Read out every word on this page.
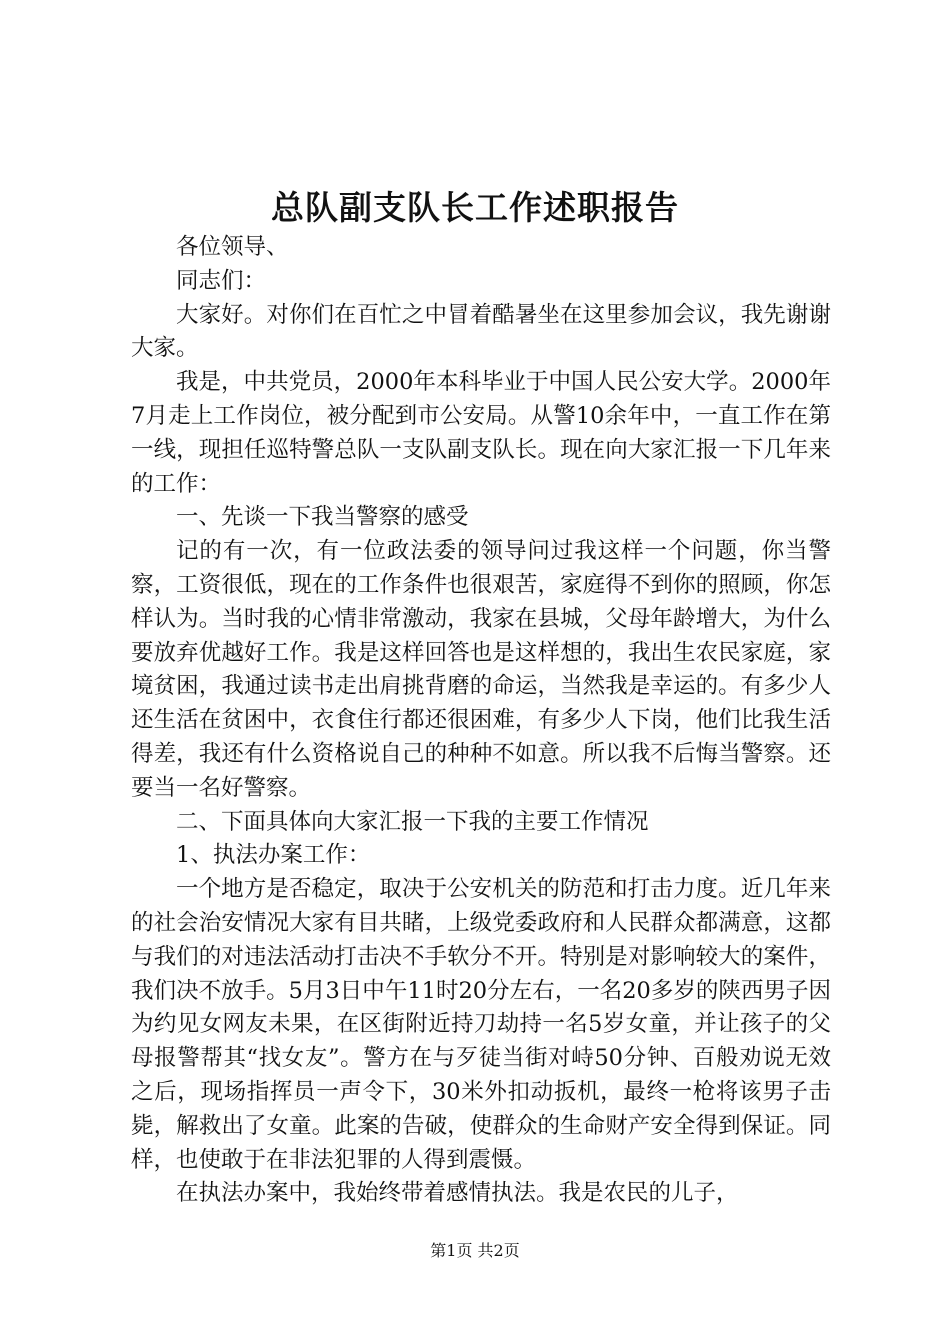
总队副支队长工作述职报告

各位领导、

同志们：

大家好。对你们在百忙之中冒着酷暑坐在这里参加会议，我先谢谢大家。

我是，中共党员，2000年本科毕业于中国人民公安大学。2000年7月走上工作岗位，被分配到市公安局。从警10余年中，一直工作在第一线，现担任巡特警总队一支队副支队长。现在向大家汇报一下几年来的工作：

一、先谈一下我当警察的感受

记的有一次，有一位政法委的领导问过我这样一个问题，你当警察，工资很低，现在的工作条件也很艰苦，家庭得不到你的照顾，你怎样认为。当时我的心情非常激动，我家在县城，父母年龄增大，为什么要放弃优越好工作。我是这样回答也是这样想的，我出生农民家庭，家境贫困，我通过读书走出肩挑背磨的命运，当然我是幸运的。有多少人还生活在贫困中，衣食住行都还很困难，有多少人下岗，他们比我生活得差，我还有什么资格说自己的种种不如意。所以我不后悔当警察。还要当一名好警察。

二、下面具体向大家汇报一下我的主要工作情况

1、执法办案工作：

一个地方是否稳定，取决于公安机关的防范和打击力度。近几年来的社会治安情况大家有目共睹，上级党委政府和人民群众都满意，这都与我们的对违法活动打击决不手软分不开。特别是对影响较大的案件，我们决不放手。5月3日中午11时20分左右，一名20多岁的陕西男子因为约见女网友未果，在区街附近持刀劫持一名5岁女童，并让孩子的父母报警帮其“找女友”。警方在与歹徒当街对峙50分钟、百般劝说无效之后，现场指挥员一声令下，30米外扣动扳机，最终一枪将该男子击毙，解救出了女童。此案的告破，使群众的生命财产安全得到保证。同样，也使敢于在非法犯罪的人得到震慑。

在执法办案中，我始终带着感情执法。我是农民的儿子，

第1页 共2页
